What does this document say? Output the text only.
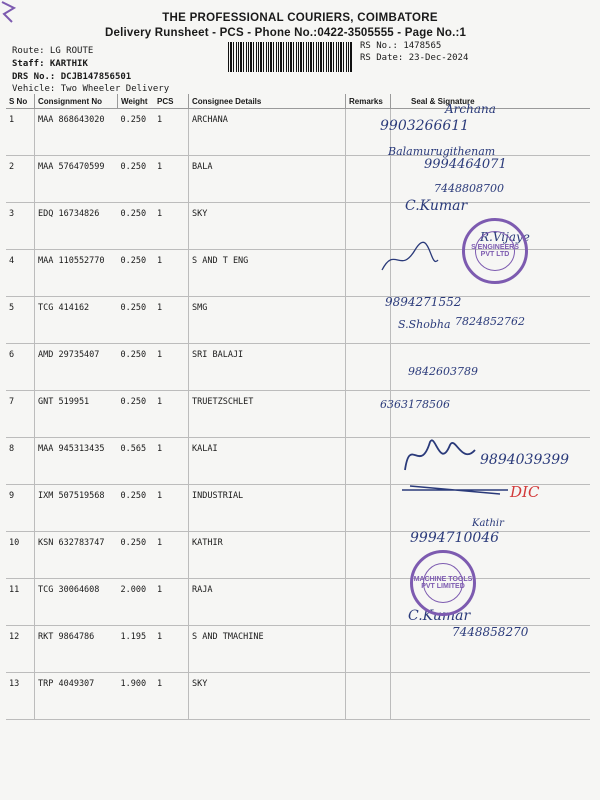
THE PROFESSIONAL COURIERS, COIMBATORE
Delivery Runsheet - PCS - Phone No.:0422-3505555 - Page No.:1
Route: LG ROUTE
Staff: KARTHIK
DRS No.: DCJB147856501
Vehicle: Two Wheeler Delivery
RS No.: 1478565
RS Date: 23-Dec-2024
S No	Consignment No	Weight	PCS	Consignee Details	Remarks	Seal & Signature
1	MAA 868643020	0.250	1	ARCHANA		
2	MAA 576470599	0.250	1	BALA		
3	EDQ 16734826	0.250	1	SKY		
4	MAA 110552770	0.250	1	S AND T ENG		
5	TCG 414162	0.250	1	SMG		
6	AMD 29735407	0.250	1	SRI BALAJI		
7	GNT 519951	0.250	1	TRUETZSCHLET		
8	MAA 945313435	0.565	1	KALAI		
9	IXM 507519568	0.250	1	INDUSTRIAL		
10	KSN 632783747	0.250	1	KATHIR		
11	TCG 30064608	2.000	1	RAJA		
12	RKT 9864786	1.195	1	S AND TMACHINE		
13	TRP 4049307	1.900	1	SKY		
Archana
9903266611
Balamurugithenam
9994464071
7448808700
C.Kumar
R.Vijaye
9894271552
S.Shobha 7824852762
9842603789
6363178506
9894039399
DIC
Kathir
9994710046
C.Kumar
7448858270
S ENGINEERS PVT LTD
MACHINE TOOLS PVT LIMITED
